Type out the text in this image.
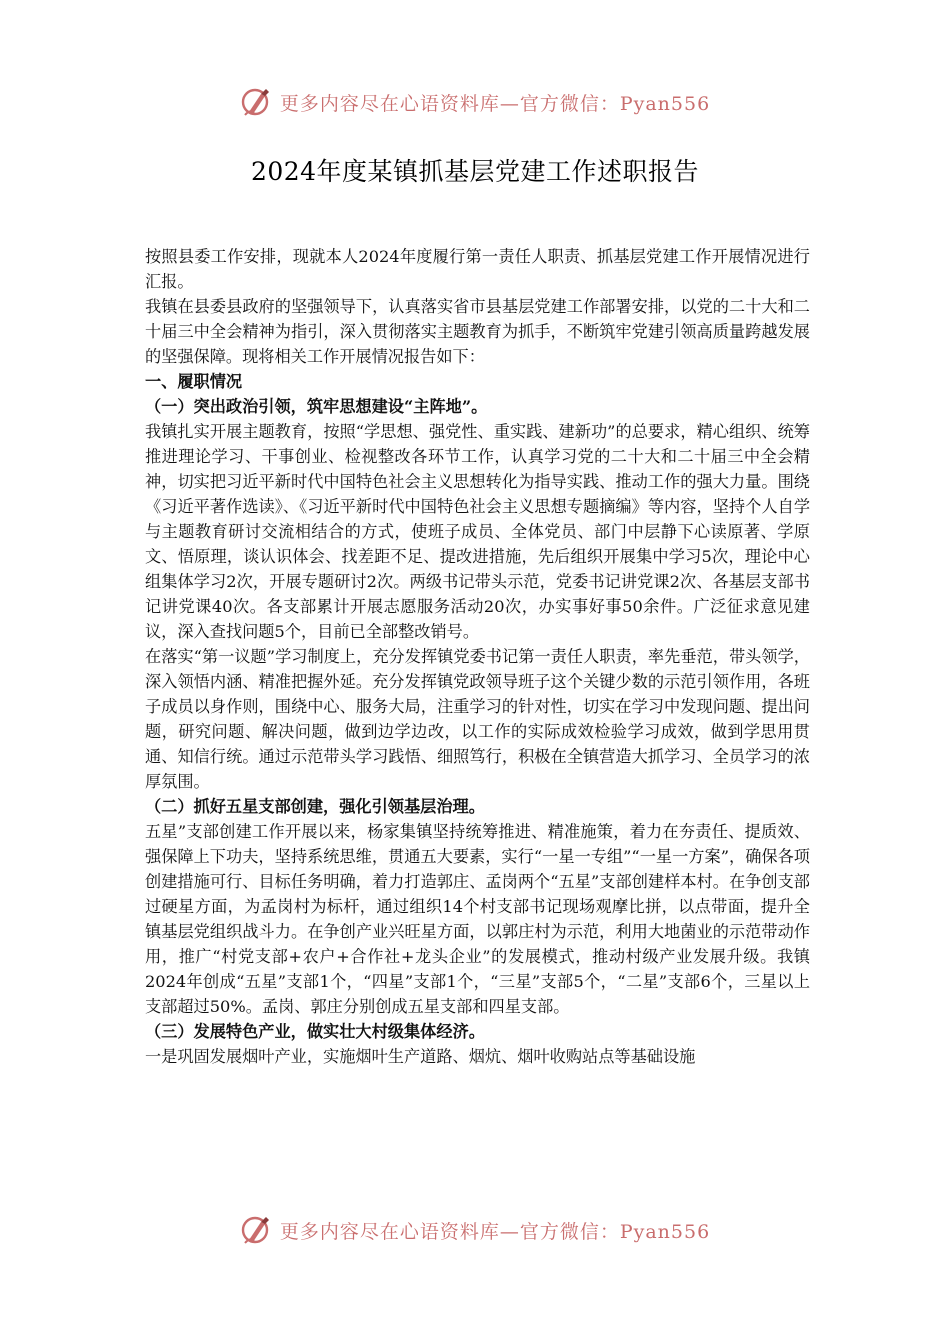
更多内容尽在心语资料库—官方微信：Pyan556
2024年度某镇抓基层党建工作述职报告

按照县委工作安排，现就本人2024年度履行第一责任人职责、抓基层党建工作开展情况进行汇报。

我镇在县委县政府的坚强领导下，认真落实省市县基层党建工作部署安排，以党的二十大和二十届三中全会精神为指引，深入贯彻落实主题教育为抓手，不断筑牢党建引领高质量跨越发展的坚强保障。现将相关工作开展情况报告如下：

一、履职情况

（一）突出政治引领，筑牢思想建设“主阵地”。

我镇扎实开展主题教育，按照“学思想、强党性、重实践、建新功”的总要求，精心组织、统筹推进理论学习、干事创业、检视整改各环节工作，认真学习党的二十大和二十届三中全会精神，切实把习近平新时代中国特色社会主义思想转化为指导实践、推动工作的强大力量。围绕《习近平著作选读》、《习近平新时代中国特色社会主义思想专题摘编》等内容，坚持个人自学与主题教育研讨交流相结合的方式，使班子成员、全体党员、部门中层静下心读原著、学原文、悟原理，谈认识体会、找差距不足、提改进措施，先后组织开展集中学习5次，理论中心组集体学习2次，开展专题研讨2次。两级书记带头示范，党委书记讲党课2次、各基层支部书记讲党课40次。各支部累计开展志愿服务活动20次，办实事好事50余件。广泛征求意见建议，深入查找问题5个，目前已全部整改销号。

在落实“第一议题”学习制度上，充分发挥镇党委书记第一责任人职责，率先垂范，带头领学，深入领悟内涵、精准把握外延。充分发挥镇党政领导班子这个关键少数的示范引领作用，各班子成员以身作则，围绕中心、服务大局，注重学习的针对性，切实在学习中发现问题、提出问题，研究问题、解决问题，做到边学边改，以工作的实际成效检验学习成效，做到学思用贯通、知信行统。通过示范带头学习践悟、细照笃行，积极在全镇营造大抓学习、全员学习的浓厚氛围。

（二）抓好五星支部创建，强化引领基层治理。

五星”支部创建工作开展以来，杨家集镇坚持统筹推进、精准施策，着力在夯责任、提质效、强保障上下功夫，坚持系统思维，贯通五大要素，实行“一星一专组”“一星一方案”，确保各项创建措施可行、目标任务明确，着力打造郭庄、孟岗两个“五星”支部创建样本村。在争创支部过硬星方面，为孟岗村为标杆，通过组织14个村支部书记现场观摩比拼，以点带面，提升全镇基层党组织战斗力。在争创产业兴旺星方面，以郭庄村为示范，利用大地菌业的示范带动作用，推广“村党支部+农户+合作社+龙头企业”的发展模式，推动村级产业发展升级。我镇2024年创成“五星”支部1个，“四星”支部1个，“三星”支部5个，“二星”支部6个，三星以上支部超过50%。孟岗、郭庄分别创成五星支部和四星支部。

（三）发展特色产业，做实壮大村级集体经济。

一是巩固发展烟叶产业，实施烟叶生产道路、烟炕、烟叶收购站点等基础设施

更多内容尽在心语资料库—官方微信：Pyan556
